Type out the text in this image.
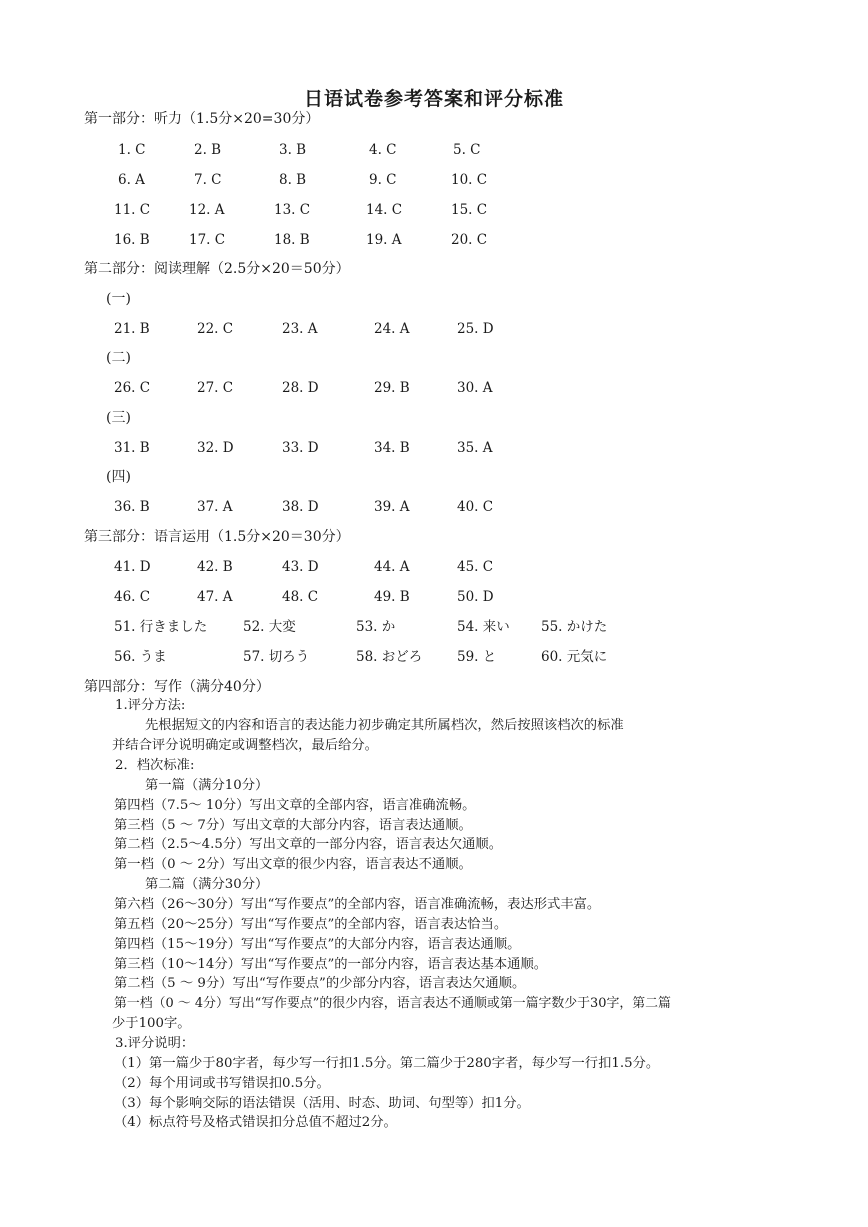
日语试卷参考答案和评分标准
第一部分：听力（1.5分×20=30分）
1. C	2. B	3. B	4. C	5. C
6. A	7. C	8. B	9. C	10. C
11. C	12. A	13. C	14. C	15. C
16. B	17. C	18. B	19. A	20. C
第二部分：阅读理解（2.5分×20＝50分）
(一)
21. B	22. C	23. A	24. A	25. D
(二)
26. C	27. C	28. D	29. B	30. A
(三)
31. B	32. D	33. D	34. B	35. A
(四)
36. B	37. A	38. D	39. A	40. C
第三部分：语言运用（1.5分×20＝30分）
41. D	42. B	43. D	44. A	45. C
46. C	47. A	48. C	49. B	50. D
51. 行きました	52. 大変	53. か	54. 来い 55. かけた
56. うま	57. 切ろう	58. おどろ	59. と	60. 元気に
第四部分：写作（满分40分）
1.评分方法:
先根据短文的内容和语言的表达能力初步确定其所属档次，然后按照该档次的标准
并结合评分说明确定或调整档次，最后给分。
2．档次标准:
第一篇（满分10分）
第四档（7.5～ 10分）写出文章的全部内容，语言准确流畅。
第三档（5 ～ 7分）写出文章的大部分内容，语言表达通顺。
第二档（2.5～4.5分）写出文章的一部分内容，语言表达欠通顺。
第一档（0 ～ 2分）写出文章的很少内容，语言表达不通顺。
第二篇（满分30分）
第六档（26～30分）写出“写作要点”的全部内容，语言准确流畅，表达形式丰富。
第五档（20～25分）写出“写作要点”的全部内容，语言表达恰当。
第四档（15～19分）写出“写作要点”的大部分内容，语言表达通顺。
第三档（10～14分）写出“写作要点”的一部分内容，语言表达基本通顺。
第二档（5 ～ 9分）写出“写作要点”的少部分内容，语言表达欠通顺。
第一档（0 ～ 4分）写出“写作要点”的很少内容，语言表达不通顺或第一篇字数少于30字，第二篇
少于100字。
3.评分说明：
（1）第一篇少于80字者，每少写一行扣1.5分。第二篇少于280字者，每少写一行扣1.5分。
（2）每个用词或书写错误扣0.5分。
（3）每个影响交际的语法错误（活用、时态、助词、句型等）扣1分。
（4）标点符号及格式错误扣分总值不超过2分。
